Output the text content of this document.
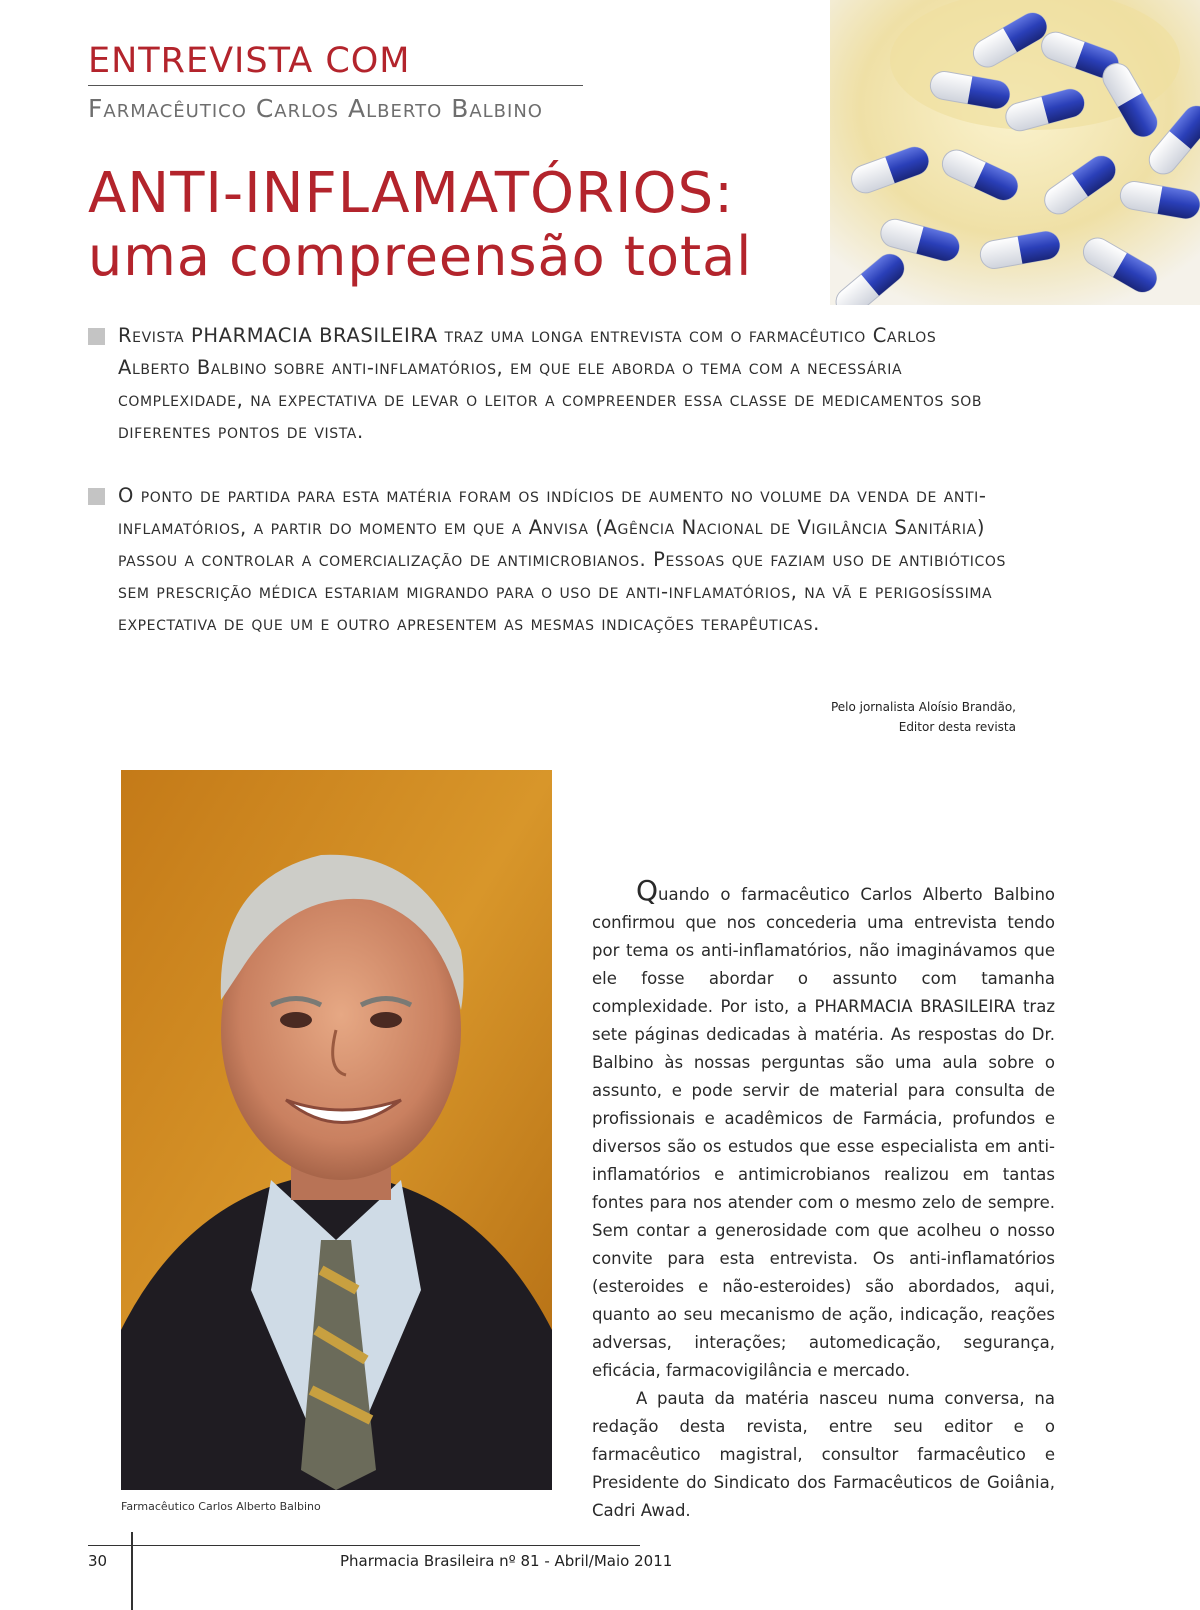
ENTREVISTA COM
Farmacêutico Carlos Alberto Balbino
ANTI-INFLAMATÓRIOS:
uma compreensão total
Revista PHARMACIA BRASILEIRA traz uma longa entrevista com o farmacêutico Carlos Alberto Balbino sobre anti-inflamatórios, em que ele aborda o tema com a necessária complexidade, na expectativa de levar o leitor a compreender essa classe de medicamentos sob diferentes pontos de vista.
O ponto de partida para esta matéria foram os indícios de aumento no volume da venda de anti-inflamatórios, a partir do momento em que a Anvisa (Agência Nacional de Vigilância Sanitária) passou a controlar a comercialização de antimicrobianos. Pessoas que faziam uso de antibióticos sem prescrição médica estariam migrando para o uso de anti-inflamatórios, na vã e perigosíssima expectativa de que um e outro apresentem as mesmas indicações terapêuticas.
Pelo jornalista Aloísio Brandão,
Editor desta revista
Farmacêutico Carlos Alberto Balbino

Quando o farmacêutico Carlos Alberto Balbino confirmou que nos concederia uma entrevista tendo por tema os anti-inflamatórios, não imaginávamos que ele fosse abordar o assunto com tamanha complexidade. Por isto, a PHARMACIA BRASILEIRA traz sete páginas dedicadas à matéria. As respostas do Dr. Balbino às nossas perguntas são uma aula sobre o assunto, e pode servir de material para consulta de profissionais e acadêmicos de Farmácia, profundos e diversos são os estudos que esse especialista em anti-inflamatórios e antimicrobianos realizou em tantas fontes para nos atender com o mesmo zelo de sempre. Sem contar a generosidade com que acolheu o nosso convite para esta entrevista. Os anti-inflamatórios (esteroides e não-esteroides) são abordados, aqui, quanto ao seu mecanismo de ação, indicação, reações adversas, interações; automedicação, segurança, eficácia, farmacovigilância e mercado.

A pauta da matéria nasceu numa conversa, na redação desta revista, entre seu editor e o farmacêutico magistral, consultor farmacêutico e Presidente do Sindicato dos Farmacêuticos de Goiânia, Cadri Awad.

30	Pharmacia Brasileira nº 81 - Abril/Maio 2011
